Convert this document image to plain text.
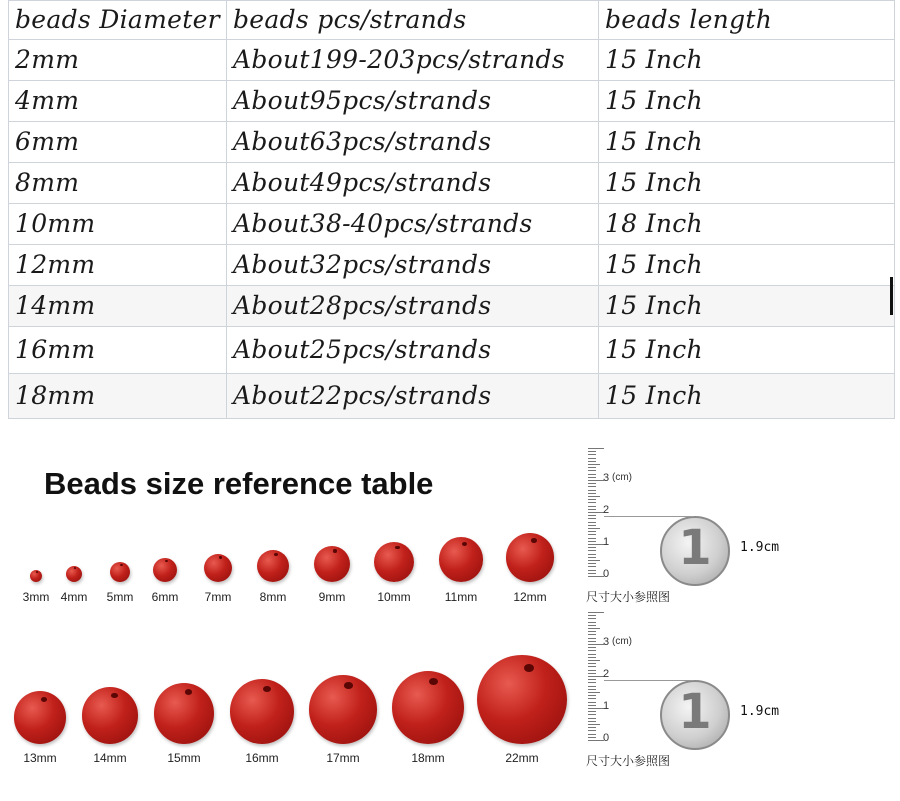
beads Diameter	beads pcs/strands	beads length
2mm	About199-203pcs/strands	15 Inch
4mm	About95pcs/strands	15 Inch
6mm	About63pcs/strands	15 Inch
8mm	About49pcs/strands	15 Inch
10mm	About38-40pcs/strands	18 Inch
12mm	About32pcs/strands	15 Inch
14mm	About28pcs/strands	15 Inch
16mm	About25pcs/strands	15 Inch
18mm	About22pcs/strands	15 Inch
Beads size reference table
3mm 4mm	5mm	6mm	7mm	8mm	9mm	10mm	11mm	12mm
13mm	14mm	15mm	16mm	17mm	18mm	22mm
3
2
1
0
(cm)
1	1.9cm
尺寸大小参照图
3
2
1
0
(cm)
1	1.9cm
尺寸大小参照图
